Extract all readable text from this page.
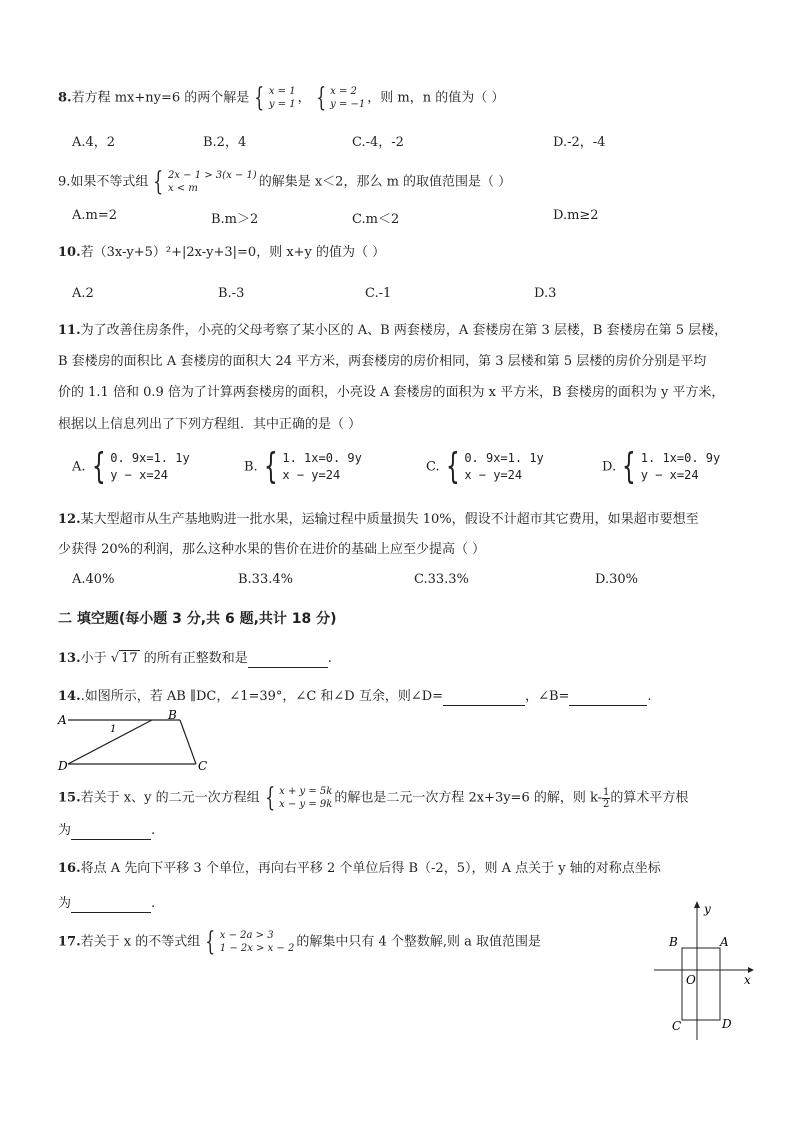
8.若方程 mx+ny=6 的两个解是 { x = 1
y = 1 ， { x = 2
y = −1 ，则 m，n 的值为（ ）
A.4，2	B.2，4	C.-4，-2	D.-2，-4
9.如果不等式组 { 2x − 1 > 3(x − 1)
x < m	的解集是 x＜2，那么 m 的取值范围是（ ）
A.m=2	B.m＞2	C.m＜2	D.m≥2
10.若（3x-y+5）²+|2x-y+3|=0，则 x+y 的值为（ ）
A.2	B.-3	C.-1	D.3
11.为了改善住房条件，小亮的父母考察了某小区的 A、B 两套楼房，A 套楼房在第 3 层楼，B 套楼房在第 5 层楼，
B 套楼房的面积比 A 套楼房的面积大 24 平方米，两套楼房的房价相同，第 3 层楼和第 5 层楼的房价分别是平均
价的 1.1 倍和 0.9 倍为了计算两套楼房的面积，小亮设 A 套楼房的面积为 x 平方米，B 套楼房的面积为 y 平方米，
根据以上信息列出了下列方程组．其中正确的是（ ）
A. { 0. 9x=1. 1y
y − x=24
B. { 1. 1x=0. 9y
x − y=24
C. { 0. 9x=1. 1y
x − y=24
D. { 1. 1x=0. 9y
y − x=24
12.某大型超市从生产基地购进一批水果，运输过程中质量损失 10%，假设不计超市其它费用，如果超市要想至
少获得 20%的利润，那么这种水果的售价在进价的基础上应至少提高（ ）
A.40%	B.33.4%	C.33.3%	D.30%
二 填空题(每小题 3 分,共 6 题,共计 18 分)
13.小于 √ 17 的所有正整数和是	.
14..如图所示，若 AB ∥DC，∠1=39°，∠C 和∠D 互余，则∠D=	，∠B=	.
A	B
D	C
1
15.若关于 x、y 的二元一次方程组 { x + y = 5k
x − y = 9k 的解也是二元一次方程 2x+3y=6 的解，则 $k- \frac{1}{2}$ 的算术平方根
为	.
16.将点 A 先向下平移 3 个单位，再向右平移 2 个单位后得 B（-2，5），则 A 点关于 y 轴的对称点坐标
为	.
17.若关于 x 的不等式组 { x − 2a > 3
1 − 2x > x − 2 的解集中只有 4 个整数解,则 a 取值范围是
y
x
O
A
B
C	D
